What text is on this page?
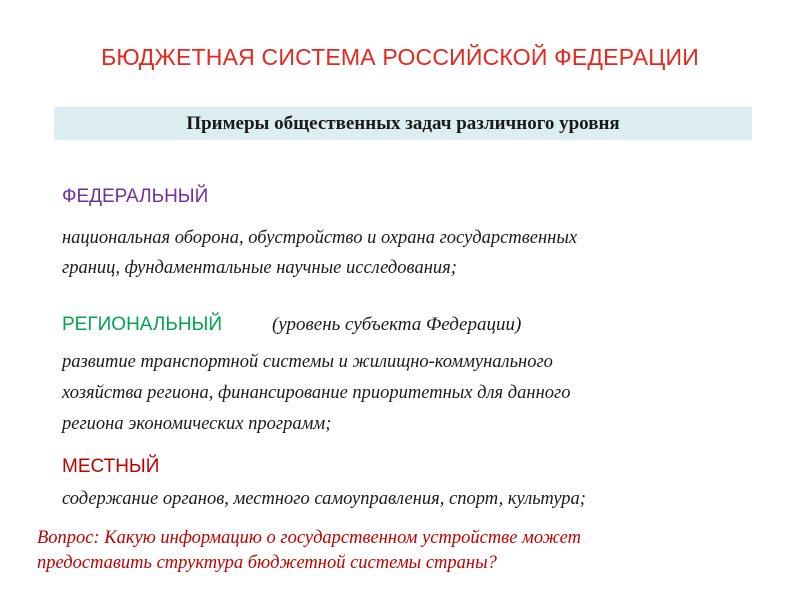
БЮДЖЕТНАЯ СИСТЕМА РОССИЙСКОЙ ФЕДЕРАЦИИ
Примеры общественных задач различного уровня
ФЕДЕРАЛЬНЫЙ
национальная оборона, обустройство и охрана государственных
границ, фундаментальные научные исследования;
РЕГИОНАЛЬНЫЙ	(уровень субъекта Федерации)
развитие транспортной системы и жилищно-коммунального
хозяйства региона, финансирование приоритетных для данного
региона экономических программ;
МЕСТНЫЙ
содержание органов, местного самоуправления, спорт, культура;
Вопрос: Какую информацию о государственном устройстве может
предоставить структура бюджетной системы страны?
